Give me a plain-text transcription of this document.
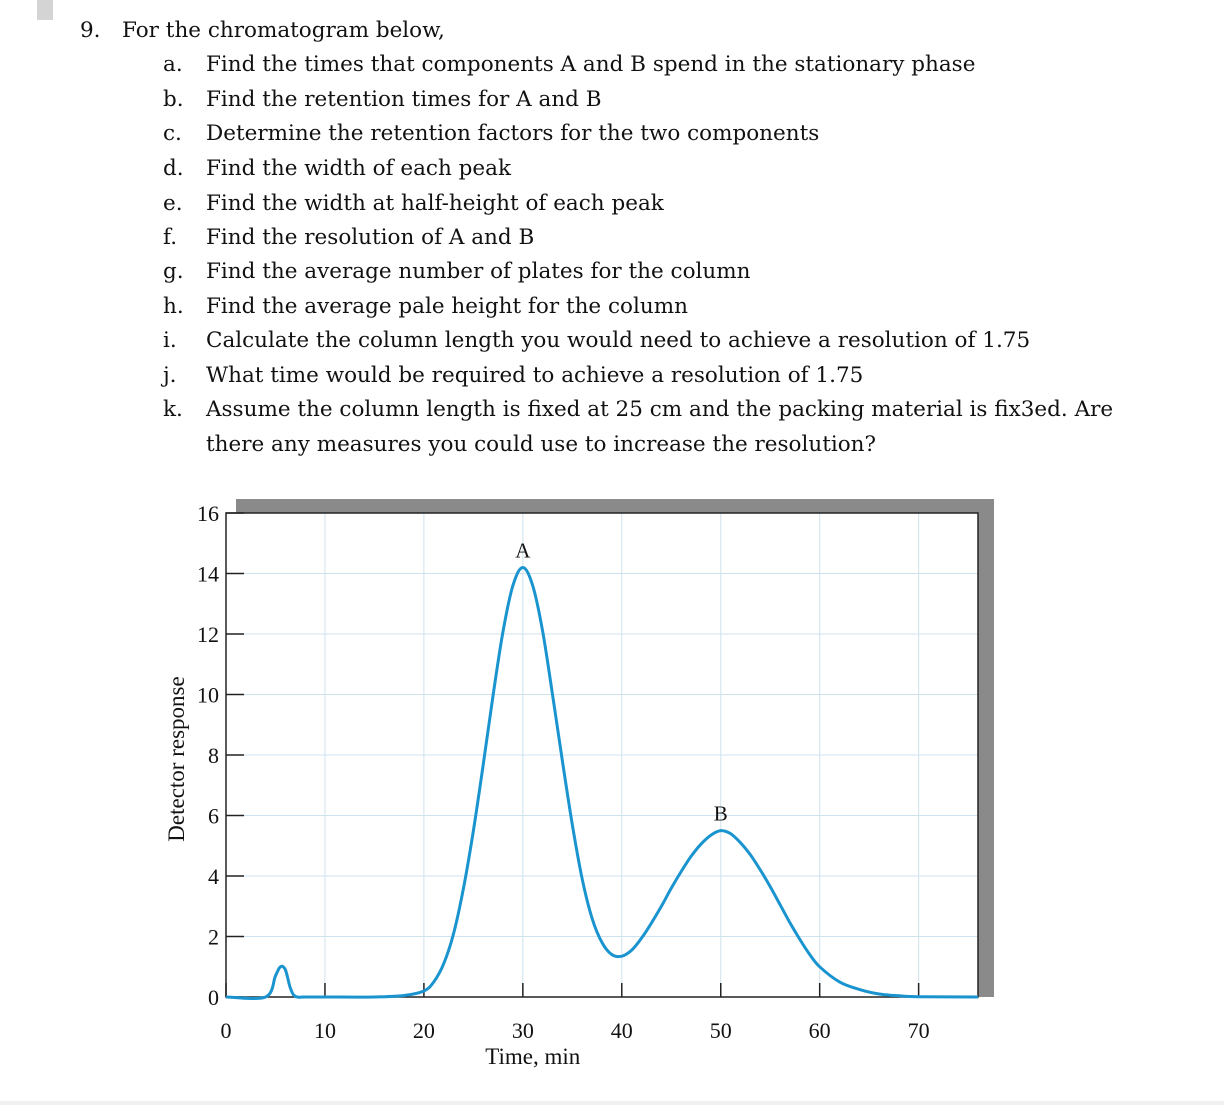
9. For the chromatogram below,
a.	Find the times that components A and B spend in the stationary phase
b.	Find the retention times for A and B
c.	Determine the retention factors for the two components
d.	Find the width of each peak
e.	Find the width at half-height of each peak
f.	Find the resolution of A and B
g.	Find the average number of plates for the column
h.	Find the average pale height for the column
i.	Calculate the column length you would need to achieve a resolution of 1.75
j.	What time would be required to achieve a resolution of 1.75
k.	Assume the column length is fixed at 25 cm and the packing material is fix3ed. Are
there any measures you could use to increase the resolution?
0
2
4
6
8
10
12
14
16
0	10	20	30	40	50	60	70
Time, min
Detector response
A
B
